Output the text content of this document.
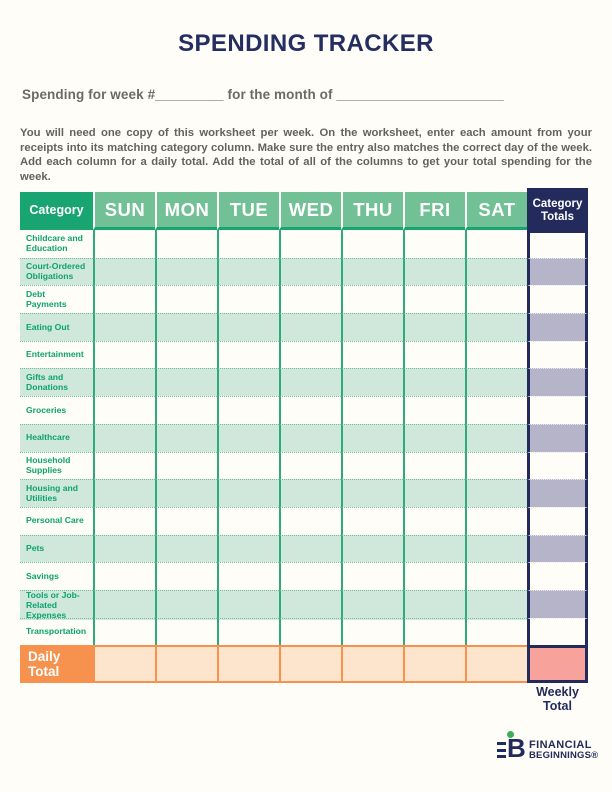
SPENDING TRACKER
Spending for week #_________ for the month of ______________________
You will need one copy of this worksheet per week. On the worksheet, enter each amount from your receipts into its matching category column. Make sure the entry also matches the correct day of the week. Add each column for a daily total. Add the total of all of the columns to get your total spending for the week.
Category	SUN	MON	TUE	WED	THU	FRI	SAT	Category Totals
Childcare and Education
Court-Ordered Obligations
Debt Payments
Eating Out
Entertainment
Gifts and Donations
Groceries
Healthcare
Household Supplies
Housing and Utilities
Personal Care
Pets
Savings
Tools or Job-Related Expenses
Transportation
Daily Total
Weekly Total
B FINANCIAL
BEGINNINGS®
